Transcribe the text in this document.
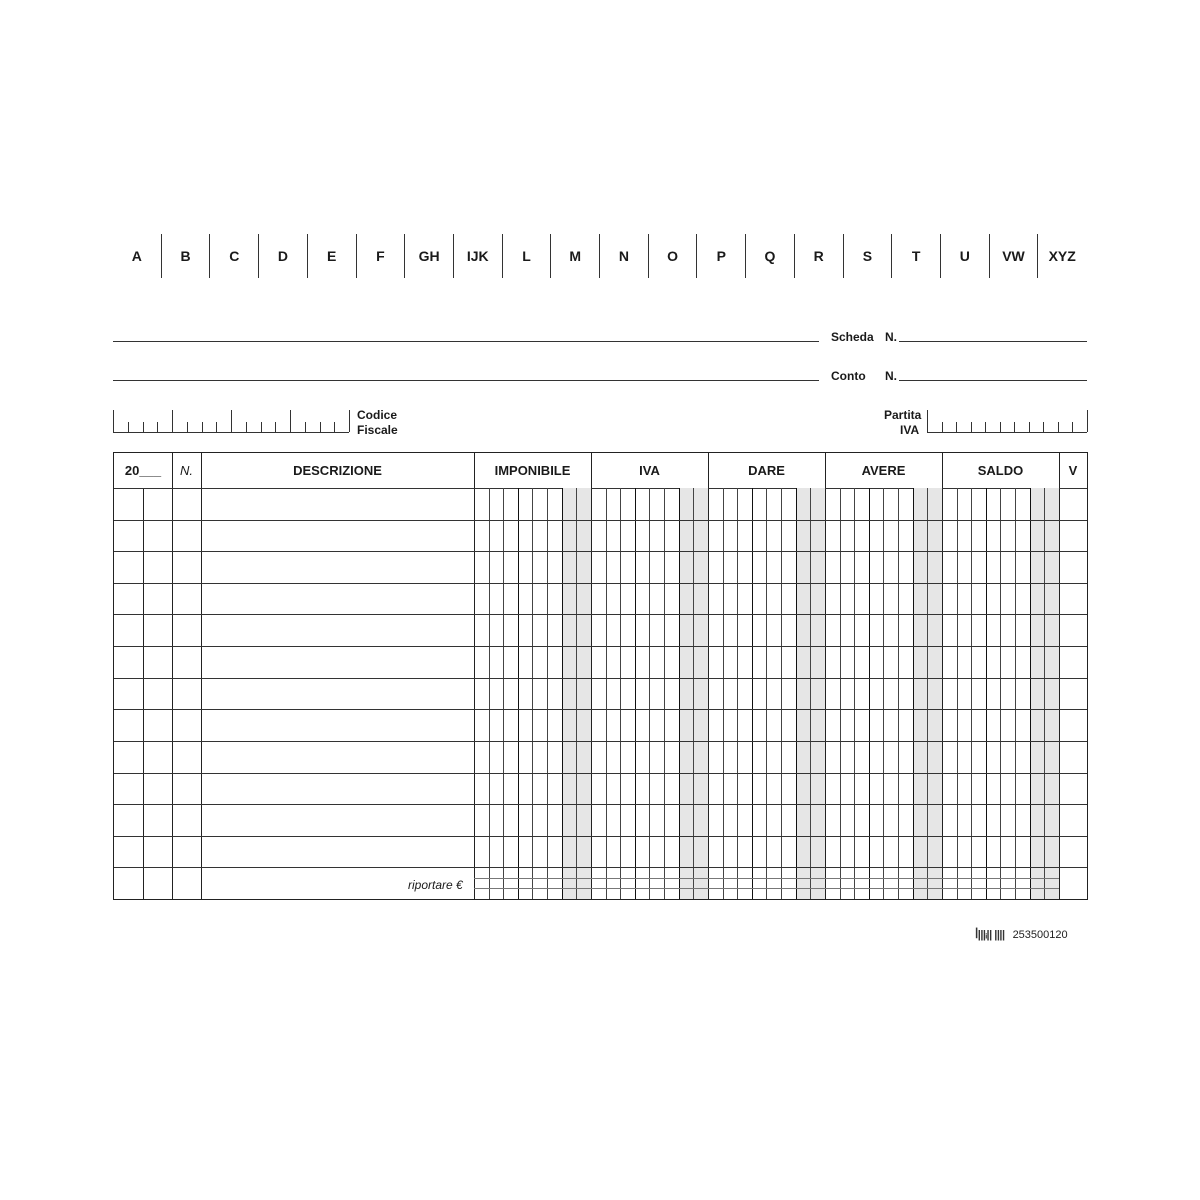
A	B	C	D	E	F	GH	IJK	L	M	N	O	P	Q	R	S	T	U	VW	XYZ
Scheda N.
Conto N.
Codice
Fiscale
Partita
IVA
20___	N.	DESCRIZIONE	IMPONIBILE	IVA	DARE	AVERE	SALDO	V
riportare €
ꟾ|||ᵢ|| |||| 253500120
